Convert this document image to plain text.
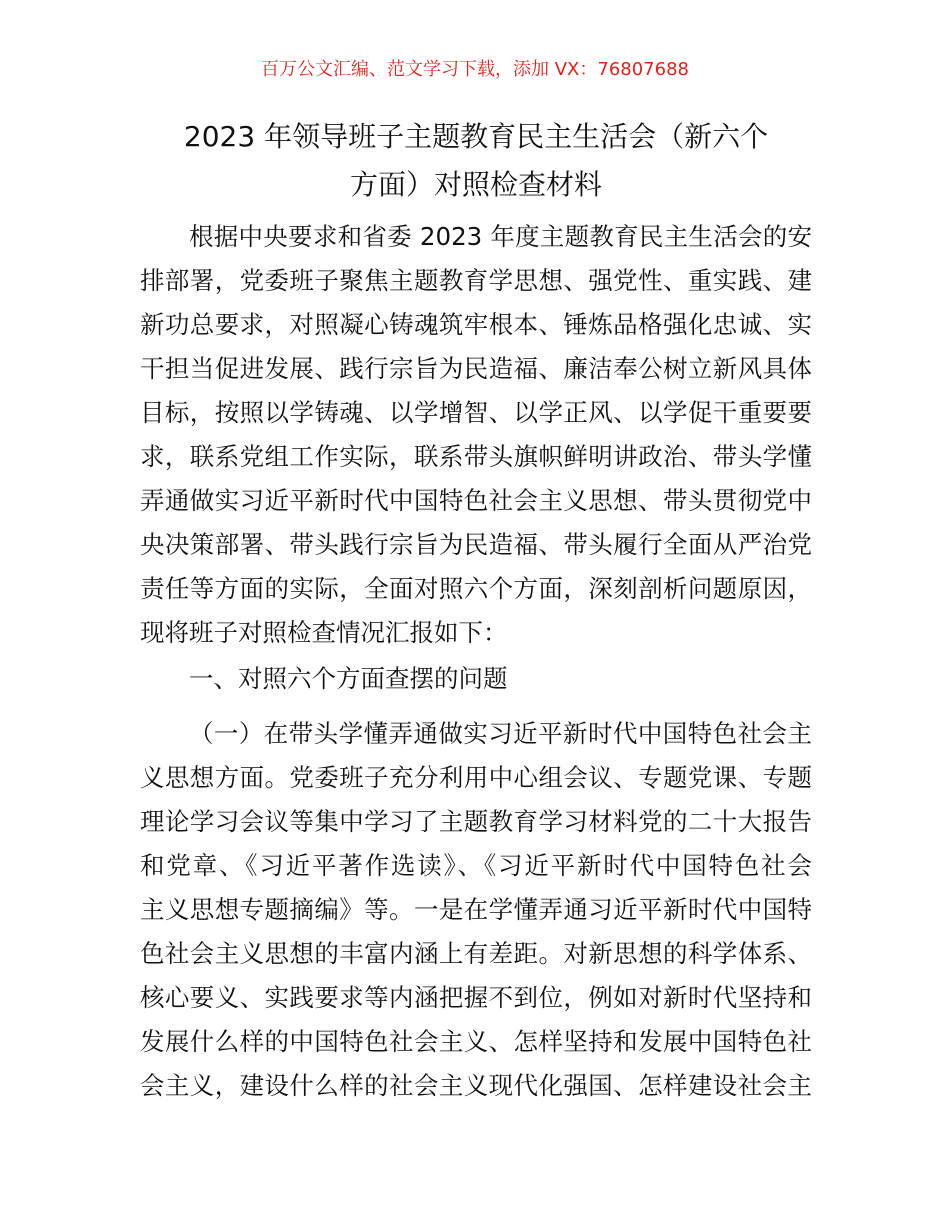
百万公文汇编、范文学习下载，添加 VX：76807688
2023 年领导班子主题教育民主生活会（新六个
方面）对照检查材料
根据中央要求和省委 2023 年度主题教育民主生活会的安
排部署，党委班子聚焦主题教育学思想、强党性、重实践、建
新功总要求，对照凝心铸魂筑牢根本、锤炼品格强化忠诚、实
干担当促进发展、践行宗旨为民造福、廉洁奉公树立新风具体
目标，按照以学铸魂、以学增智、以学正风、以学促干重要要
求，联系党组工作实际，联系带头旗帜鲜明讲政治、带头学懂
弄通做实习近平新时代中国特色社会主义思想、带头贯彻党中
央决策部署、带头践行宗旨为民造福、带头履行全面从严治党
责任等方面的实际，全面对照六个方面，深刻剖析问题原因，
现将班子对照检查情况汇报如下：
一、对照六个方面查摆的问题
（一）在带头学懂弄通做实习近平新时代中国特色社会主
义思想方面。党委班子充分利用中心组会议、专题党课、专题
理论学习会议等集中学习了主题教育学习材料党的二十大报告
和党章、《习近平著作选读》、《习近平新时代中国特色社会
主义思想专题摘编》等。一是在学懂弄通习近平新时代中国特
色社会主义思想的丰富内涵上有差距。对新思想的科学体系、
核心要义、实践要求等内涵把握不到位，例如对新时代坚持和
发展什么样的中国特色社会主义、怎样坚持和发展中国特色社
会主义，建设什么样的社会主义现代化强国、怎样建设社会主
